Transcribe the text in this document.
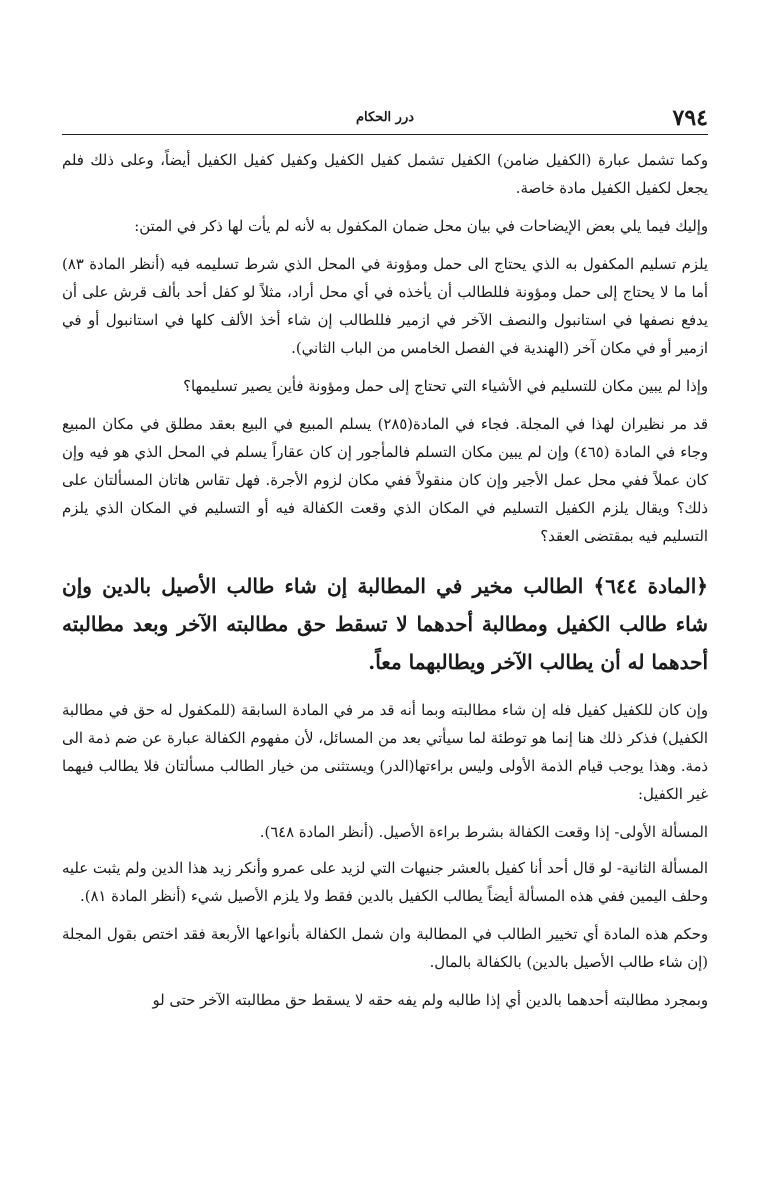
٧٩٤
درر الحكام

وكما تشمل عبارة (الكفيل ضامن) الكفيل تشمل كفيل الكفيل وكفيل كفيل الكفيل أيضاً، وعلى ذلك فلم يجعل لكفيل الكفيل مادة خاصة.

وإليك فيما يلي بعض الإيضاحات في بيان محل ضمان المكفول به لأنه لم يأت لها ذكر في المتن:

يلزم تسليم المكفول به الذي يحتاج الى حمل ومؤونة في المحل الذي شرط تسليمه فيه (أنظر المادة ٨٣) أما ما لا يحتاج إلى حمل ومؤونة فللطالب أن يأخذه في أي محل أراد، مثلاً لو كفل أحد بألف قرش على أن يدفع نصفها في استانبول والنصف الآخر في ازمير فللطالب إن شاء أخذ الألف كلها في استانبول أو في ازمير أو في مكان آخر (الهندية في الفصل الخامس من الباب الثاني).

وإذا لم يبين مكان للتسليم في الأشياء التي تحتاج إلى حمل ومؤونة فأين يصير تسليمها؟

قد مر نظيران لهذا في المجلة. فجاء في المادة(٢٨٥) يسلم المبيع في البيع بعقد مطلق في مكان المبيع وجاء في المادة (٤٦٥) وإن لم يبين مكان التسلم فالمأجور إن كان عقاراً يسلم في المحل الذي هو فيه وإن كان عملاً ففي محل عمل الأجير وإن كان منقولاً ففي مكان لزوم الأجرة. فهل تقاس هاتان المسألتان على ذلك؟ ويقال يلزم الكفيل التسليم في المكان الذي وقعت الكفالة فيه أو التسليم في المكان الذي يلزم التسليم فيه بمقتضى العقد؟

﴿المادة ٦٤٤﴾ الطالب مخير في المطالبة إن شاء طالب الأصيل بالدين وإن شاء طالب الكفيل ومطالبة أحدهما لا تسقط حق مطالبته الآخر وبعد مطالبته أحدهما له أن يطالب الآخر ويطالبهما معاً.

وإن كان للكفيل كفيل فله إن شاء مطالبته وبما أنه قد مر في المادة السابقة (للمكفول له حق في مطالبة الكفيل) فذكر ذلك هنا إنما هو توطئة لما سيأتي بعد من المسائل، لأن مفهوم الكفالة عبارة عن ضم ذمة الى ذمة. وهذا يوجب قيام الذمة الأولى وليس براءتها(الدر) ويستثنى من خيار الطالب مسألتان فلا يطالب فيهما غير الكفيل:

المسألة الأولى- إذا وقعت الكفالة بشرط براءة الأصيل. (أنظر المادة ٦٤٨).

المسألة الثانية- لو قال أحد أنا كفيل بالعشر جنيهات التي لزيد على عمرو وأنكر زيد هذا الدين ولم يثبت عليه وحلف اليمين ففي هذه المسألة أيضاً يطالب الكفيل بالدين فقط ولا يلزم الأصيل شيء (أنظر المادة ٨١).

وحكم هذه المادة أي تخيير الطالب في المطالبة وان شمل الكفالة بأنواعها الأربعة فقد اختص بقول المجلة (إن شاء طالب الأصيل بالدين) بالكفالة بالمال.

وبمجرد مطالبته أحدهما بالدين أي إذا طالبه ولم يفه حقه لا يسقط حق مطالبته الآخر حتى لو
